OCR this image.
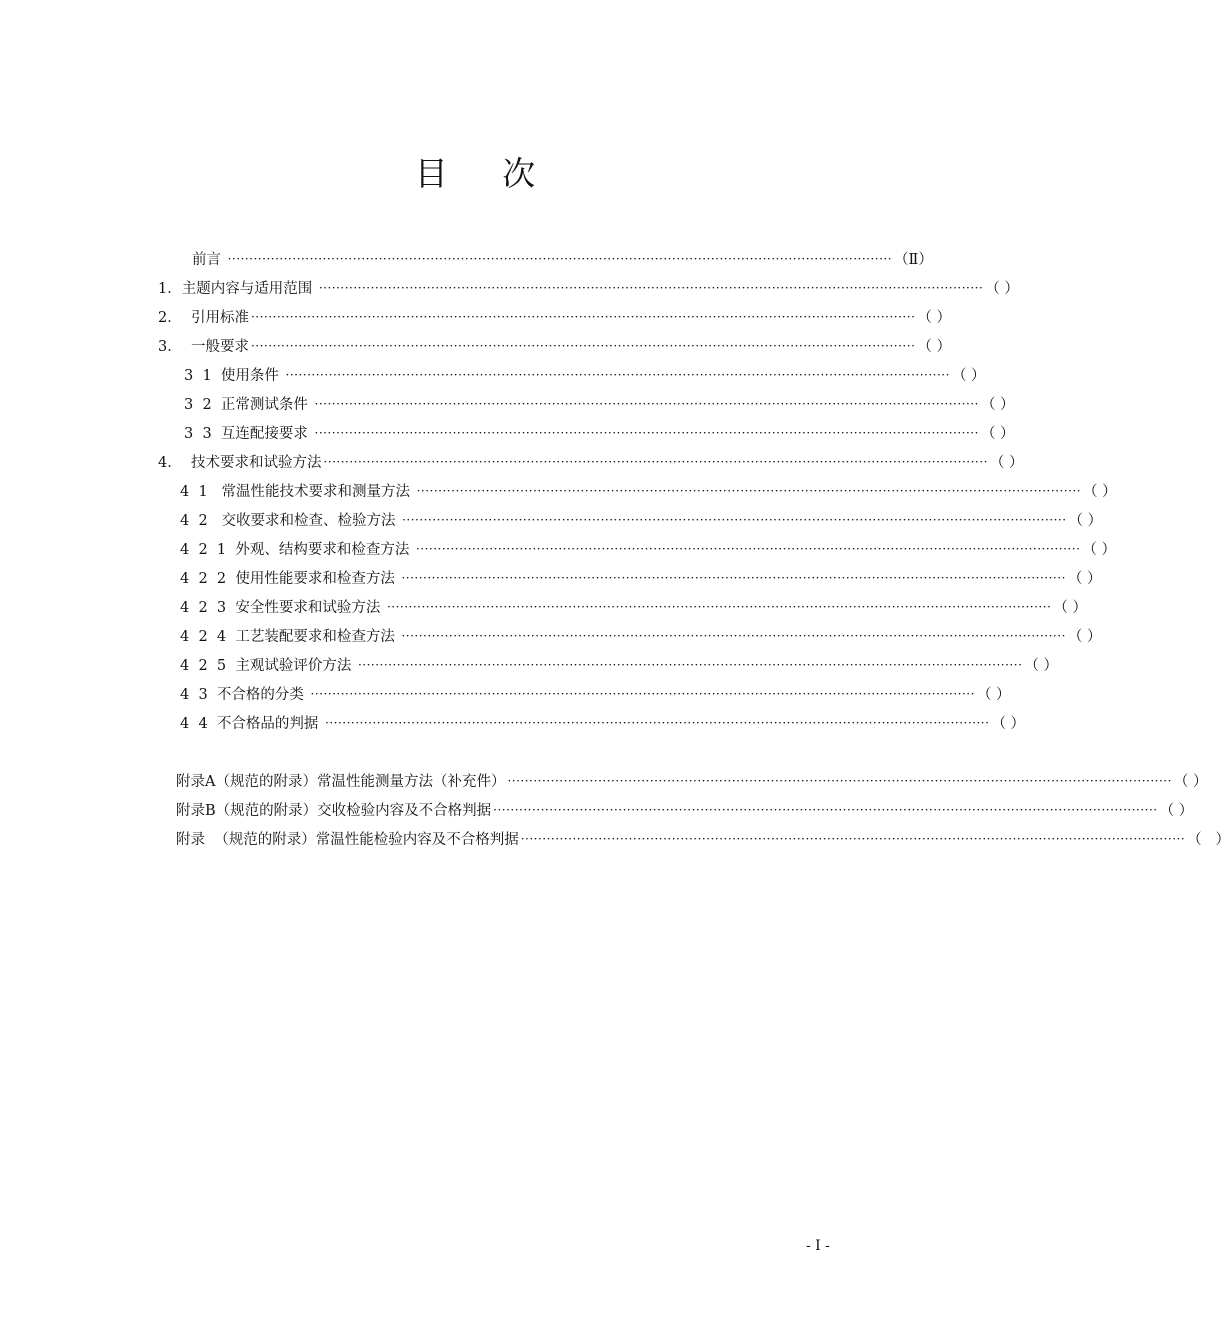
目 次
前言 ·························································································································································· （Ⅱ）
1．主题内容与适用范围 ·························································································································································· （ ）
2．  引用标准 ·························································································································································· （ ）
3．  一般要求 ·························································································································································· （ ）
3  1  使用条件 ·························································································································································· （ ）
3  2  正常测试条件 ·························································································································································· （ ）
3  3  互连配接要求 ·························································································································································· （ ）
4．  技术要求和试验方法 ·························································································································································· （ ）
4  1   常温性能技术要求和测量方法 ·························································································································································· （ ）
4  2   交收要求和检查、检验方法 ·························································································································································· （ ）
4  2  1  外观、结构要求和检查方法 ·························································································································································· （ ）
4  2  2  使用性能要求和检查方法 ·························································································································································· （ ）
4  2  3  安全性要求和试验方法 ·························································································································································· （ ）
4  2  4  工艺装配要求和检查方法 ·························································································································································· （ ）
4  2  5  主观试验评价方法 ·························································································································································· （ ）
4  3  不合格的分类 ·························································································································································· （ ）
4  4  不合格品的判据 ·························································································································································· （ ）
附录A（规范的附录）常温性能测量方法（补充件） ·························································································································································· （ ）
附录B（规范的附录）交收检验内容及不合格判据 ·························································································································································· （ ）
附录  （规范的附录）常温性能检验内容及不合格判据 ·························································································································································· （   ）
- I -
